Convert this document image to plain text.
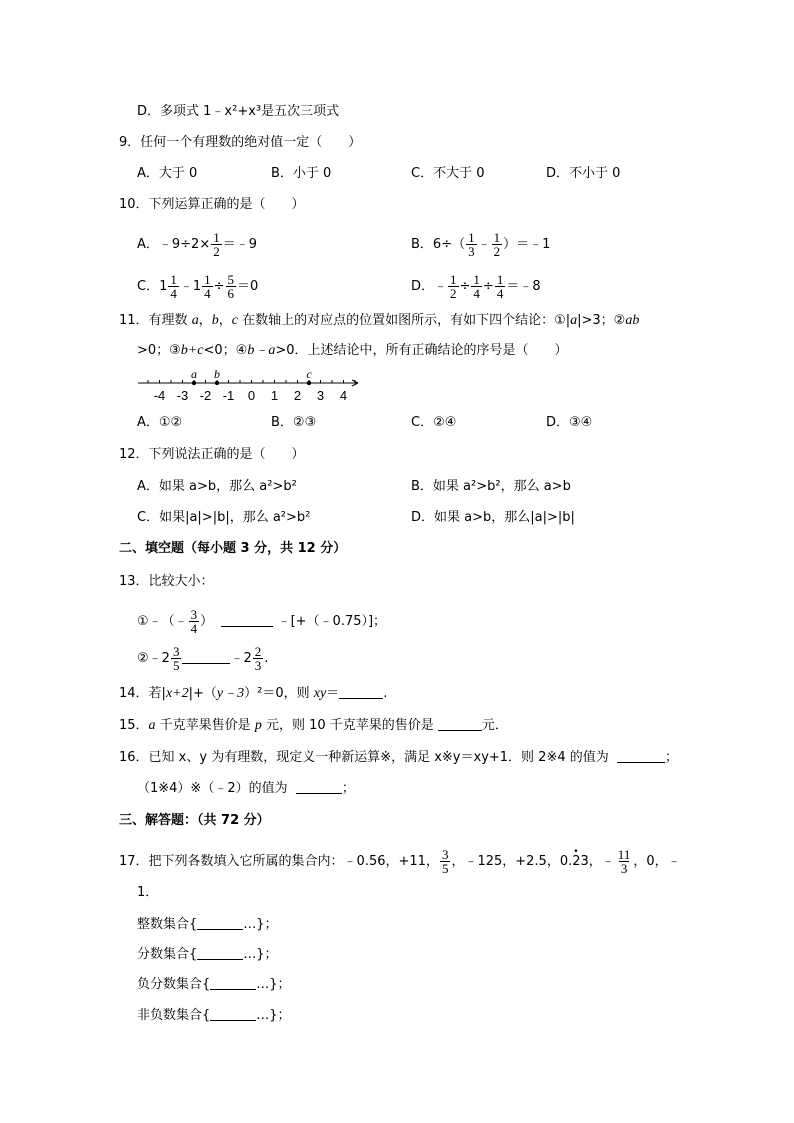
D．多项式 1﹣x²+x³是五次三项式
9．任何一个有理数的绝对值一定（　　）
A．大于 0	B．小于 0	C．不大于 0	D．不小于 0
10．下列运算正确的是（　　）
A．﹣9÷2× $\frac{1}{2}$ ＝﹣9	B．$6\div( \frac{1}{3}$ ﹣ $\frac{1}{2}$ ）＝﹣1
C．$1 \frac{1}{4}$ ﹣1 $\frac{1}{4} \div \frac{5}{6} =0$	D．﹣ $\frac{1}{2} \div \frac{1}{4} \div \frac{1}{4}$ ＝﹣8
11．有理数 a，b，c 在数轴上的对应点的位置如图所示，有如下四个结论：①|a|>3；②ab
>0；③b+c<0；④b﹣a>0．上述结论中，所有正确结论的序号是（　　）
-4 -3 -2 -1 0 1 2 3 4
a b	c
A．①②	B．②③	C．②④	D．③④
12．下列说法正确的是（　　）
A．如果 a>b，那么 a²>b²	B．如果 a²>b²，那么 a>b
C．如果|a|>|b|，那么 a²>b²	D．如果 a>b，那么|a|>|b|
二、填空题（每小题 3 分，共 12 分）
13．比较大小：
①﹣（﹣ $\frac{3}{4}$ ）	﹣[+（﹣0.75）]；
②﹣2 $\frac{3}{5}$	﹣2 $\frac{2}{3}$ .
14．若|x+2|+（y﹣3）²＝0，则 xy＝	.
15．a 千克苹果售价是 p 元，则 10 千克苹果的售价是	元．
16．已知 x、y 为有理数，现定义一种新运算※，满足 x※y＝xy+1．则 2※4 的值为	；
（1※4）※（﹣2）的值为	；
三、解答题：（共 72 分）
17．把下列各数填入它所属的集合内：﹣0.56，+11， $\frac{3}{5}$ ，﹣125，+2.5，0.• 23，﹣ $\frac{11}{3}$ ，0，﹣
1．
整数集合{	…}；
分数集合{	…}；
负分数集合{	…}；
非负数集合{	…}；
